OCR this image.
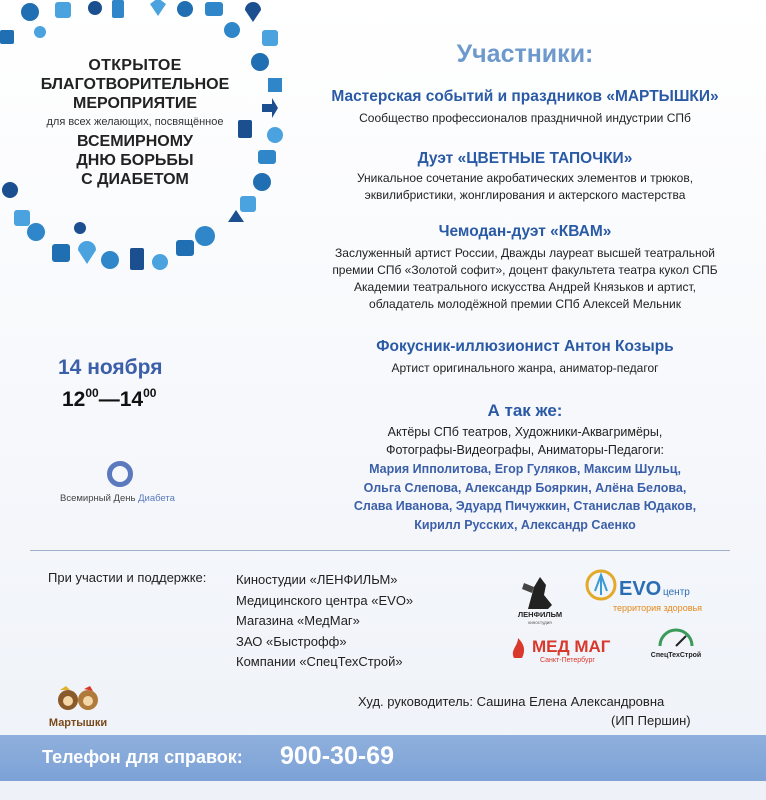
ОТКРЫТОЕ
БЛАГОТВОРИТЕЛЬНОЕ
МЕРОПРИЯТИЕ
для всех желающих, посвящённое
ВСЕМИРНОМУ
ДНЮ БОРЬБЫ
С ДИАБЕТОМ
14 ноября
$12^{00}—14^{00}$
Всемирный День Диабета
Участники:
Мастерская событий и праздников «МАРТЫШКИ»
Сообщество профессионалов праздничной индустрии СПб
Дуэт «ЦВЕТНЫЕ ТАПОЧКИ»
Уникальное сочетание акробатических элементов и трюков,
эквилибристики, жонглирования и актерского мастерства
Чемодан-дуэт «КВАМ»
Заслуженный артист России, Дважды лауреат высшей театральной
премии СПб «Золотой софит», доцент факультета театра кукол СПБ
Академии театрального искусства Андрей Князьков и артист,
обладатель молодёжной премии СПб Алексей Мельник
Фокусник-иллюзионист Антон Козырь
Артист оригинального жанра, аниматор-педагог
А так же:
Актёры СПб театров, Художники-Аквагримёры,
Фотографы-Видеографы, Аниматоры-Педагоги:
Мария Ипполитова, Егор Гуляков, Максим Шульц,
Ольга Слепова, Александр Бояркин, Алёна Белова,
Слава Иванова, Эдуард Пичужкин, Станислав Юдаков,
Кирилл Русских, Александр Саенко
При участии и поддержке: Киностудии «ЛЕНФИЛЬМ»
Медицинского центра «EVO»
Магазина «МедМаг»
ЗАО «Быстрофф»
Компании «СпецТехСтрой»
ЛЕНФИЛЬМ
киностудия
EVO центр
территория здоровья
МЕД МАГ
Санкт-Петербург
СпецТехСтрой
Мартышки
Худ. руководитель: Сашина Елена Александровна
(ИП Першин)
Телефон для справок: 900-30-69
